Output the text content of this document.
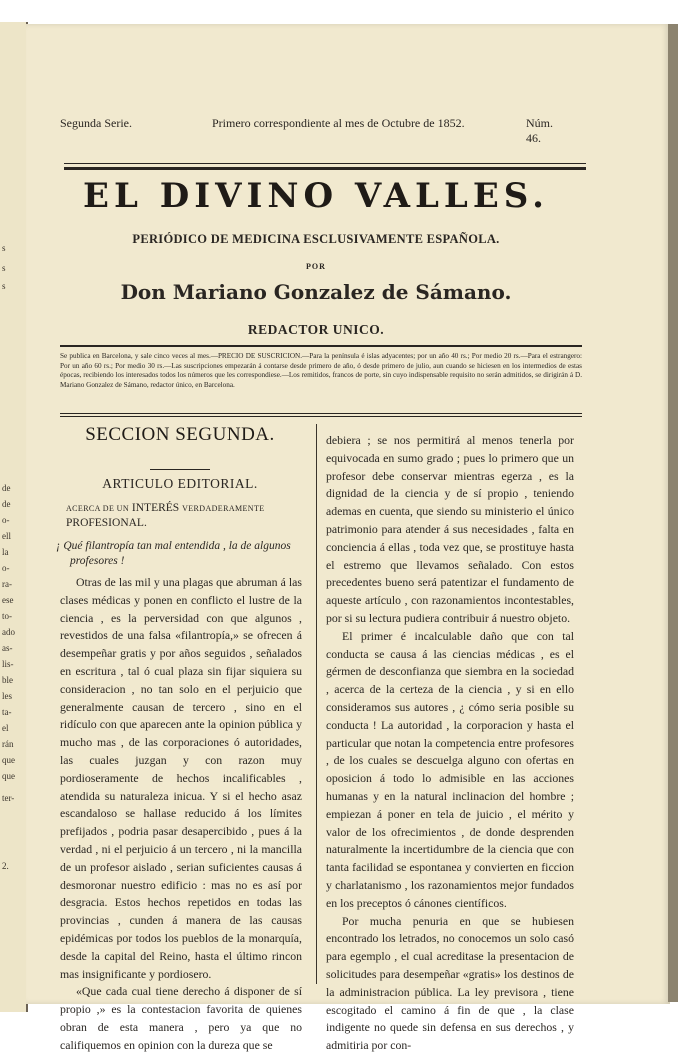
s
s
s
de
de
o-
ell
la
o-
ra-
ese
to-
ado
as-
lis-
ble
les
ta-
el
rán
que
que
ter-
2.
Segunda Serie.	Primero correspondiente al mes de Octubre de 1852.	Núm. 46.
EL DIVINO VALLES.
PERIÓDICO DE MEDICINA ESCLUSIVAMENTE ESPAÑOLA.
POR
Don Mariano Gonzalez de Sámano.
REDACTOR UNICO.
Se publica en Barcelona, y sale cinco veces al mes.—PRECIO DE SUSCRICION.—Para la península é islas adyacentes; por un año 40 rs.; Por medio 20 rs.—Para el estrangero: Por un año 60 rs.; Por medio 30 rs.—Las suscripciones empezarán á contarse desde primero de año, ó desde primero de julio, aun cuando se hiciesen en los intermedios de estas épocas, recibiendo los interesados todos los números que les correspondiese.—Los remitidos, francos de porte, sin cuyo indispensable requisito no serán admitidos, se dirigirán á D. Mariano Gonzalez de Sámano, redactor único, en Barcelona.
SECCION SEGUNDA.
ARTICULO EDITORIAL.
ACERCA DE UN INTERÉS VERDADERAMENTE PROFESIONAL.
¡ Qué filantropía tan mal entendida , la de algunos
profesores !

Otras de las mil y una plagas que abruman á las clases médicas y ponen en conflicto el lustre de la ciencia , es la perversidad con que algunos , revestidos de una falsa «filantropía,» se ofrecen á desempeñar gratis y por años seguidos , señalados en escritura , tal ó cual plaza sin fijar siquiera su consideracion , no tan solo en el perjuicio que generalmente causan de tercero , sino en el ridículo con que aparecen ante la opinion pública y mucho mas , de las corporaciones ó autoridades, las cuales juzgan y con razon muy pordioseramente de hechos incalificables , atendida su naturaleza inicua. Y si el hecho asaz escandaloso se hallase reducido á los límites prefijados , podria pasar desapercibido , pues á la verdad , ni el perjuicio á un tercero , ni la mancilla de un profesor aislado , serian suficientes causas á desmoronar nuestro edificio : mas no es así por desgracia. Estos hechos repetidos en todas las provincias , cunden á manera de las causas epidémicas por todos los pueblos de la monarquía, desde la capital del Reino, hasta el último rincon mas insignificante y pordiosero.

«Que cada cual tiene derecho á disponer de sí propio ,» es la contestacion favorita de quienes obran de esta manera , pero ya que no califiquemos en opinion con la dureza que se

debiera ; se nos permitirá al menos tenerla por equivocada en sumo grado ; pues lo primero que un profesor debe conservar mientras egerza , es la dignidad de la ciencia y de sí propio , teniendo ademas en cuenta, que siendo su ministerio el único patrimonio para atender á sus necesidades , falta en conciencia á ellas , toda vez que, se prostituye hasta el estremo que llevamos señalado. Con estos precedentes bueno será patentizar el fundamento de aqueste artículo , con razonamientos incontestables, por si su lectura pudiera contribuir á nuestro objeto.

El primer é incalculable daño que con tal conducta se causa á las ciencias médicas , es el gérmen de desconfianza que siembra en la sociedad , acerca de la certeza de la ciencia , y si en ello consideramos sus autores , ¿ cómo seria posible su conducta ! La autoridad , la corporacion y hasta el particular que notan la competencia entre profesores , de los cuales se descuelga alguno con ofertas en oposicion á todo lo admisible en las acciones humanas y en la natural inclinacion del hombre ; empiezan á poner en tela de juicio , el mérito y valor de los ofrecimientos , de donde desprenden naturalmente la incertidumbre de la ciencia que con tanta facilidad se espontanea y convierten en ficcion y charlatanismo , los razonamientos mejor fundados en los preceptos ó cánones científicos.

Por mucha penuria en que se hubiesen encontrado los letrados, no conocemos un solo casó para egemplo , el cual acreditase la presentacion de solicitudes para desempeñar «gratis» los destinos de la administracion pública. La ley previsora , tiene escogitado el camino á fin de que , la clase indigente no quede sin defensa en sus derechos , y admitiria por con-
